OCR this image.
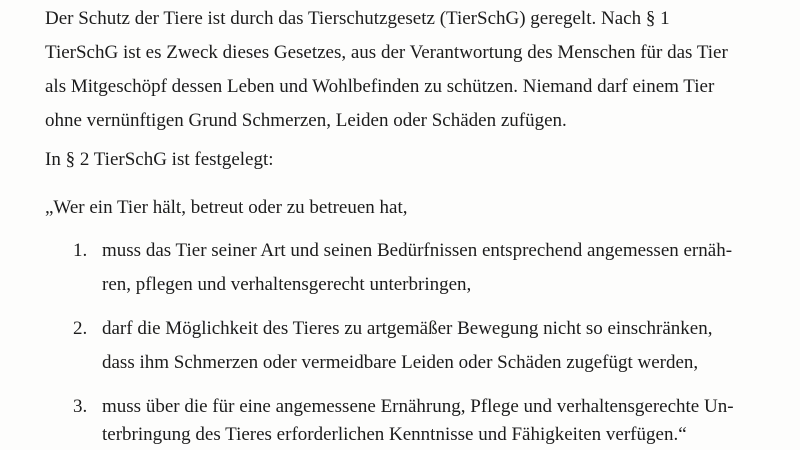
Der Schutz der Tiere ist durch das Tierschutzgesetz (TierSchG) geregelt. Nach § 1
TierSchG ist es Zweck dieses Gesetzes, aus der Verantwortung des Menschen für das Tier
als Mitgeschöpf dessen Leben und Wohlbefinden zu schützen. Niemand darf einem Tier
ohne vernünftigen Grund Schmerzen, Leiden oder Schäden zufügen.
In § 2 TierSchG ist festgelegt:
„Wer ein Tier hält, betreut oder zu betreuen hat,
1. muss das Tier seiner Art und seinen Bedürfnissen entsprechend angemessen ernäh-
ren, pflegen und verhaltensgerecht unterbringen,
2. darf die Möglichkeit des Tieres zu artgemäßer Bewegung nicht so einschränken,
dass ihm Schmerzen oder vermeidbare Leiden oder Schäden zugefügt werden,
3. muss über die für eine angemessene Ernährung, Pflege und verhaltensgerechte Un-
terbringung des Tieres erforderlichen Kenntnisse und Fähigkeiten verfügen.“
